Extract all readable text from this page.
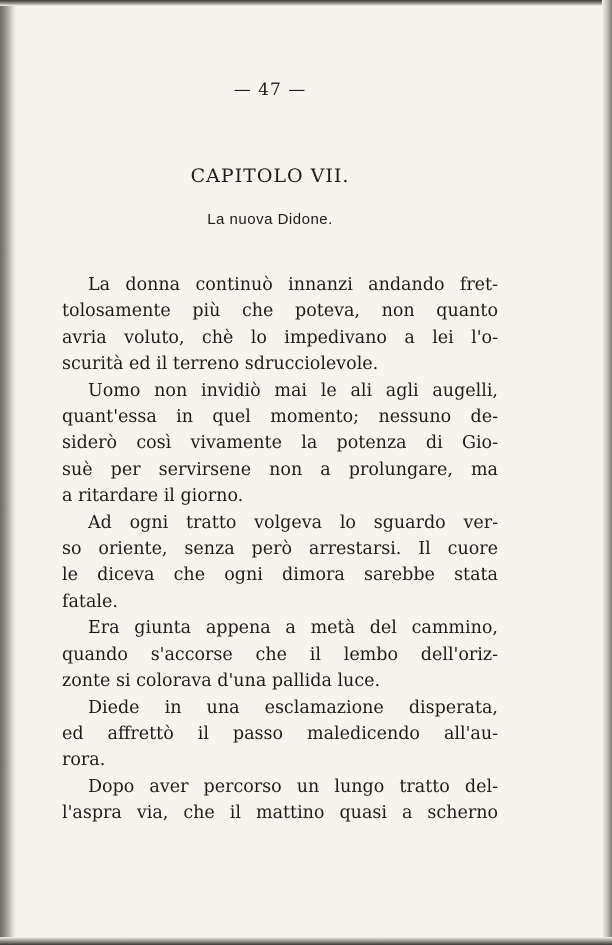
— 47 —
CAPITOLO VII.
La nuova Didone.

La donna continuò innanzi andando fret-
tolosamente più che poteva, non quanto
avria voluto, chè lo impedivano a lei l'o-
scurità ed il terreno sdrucciolevole.

Uomo non invidiò mai le ali agli augelli,
quant'essa in quel momento; nessuno de-
siderò così vivamente la potenza di Gio-
suè per servirsene non a prolungare, ma
a ritardare il giorno.

Ad ogni tratto volgeva lo sguardo ver-
so oriente, senza però arrestarsi. Il cuore
le diceva che ogni dimora sarebbe stata
fatale.

Era giunta appena a metà del cammino,
quando s'accorse che il lembo dell'oriz-
zonte si colorava d'una pallida luce.

Diede in una esclamazione disperata,
ed affrettò il passo maledicendo all'au-
rora.

Dopo aver percorso un lungo tratto del-
l'aspra via, che il mattino quasi a scherno
